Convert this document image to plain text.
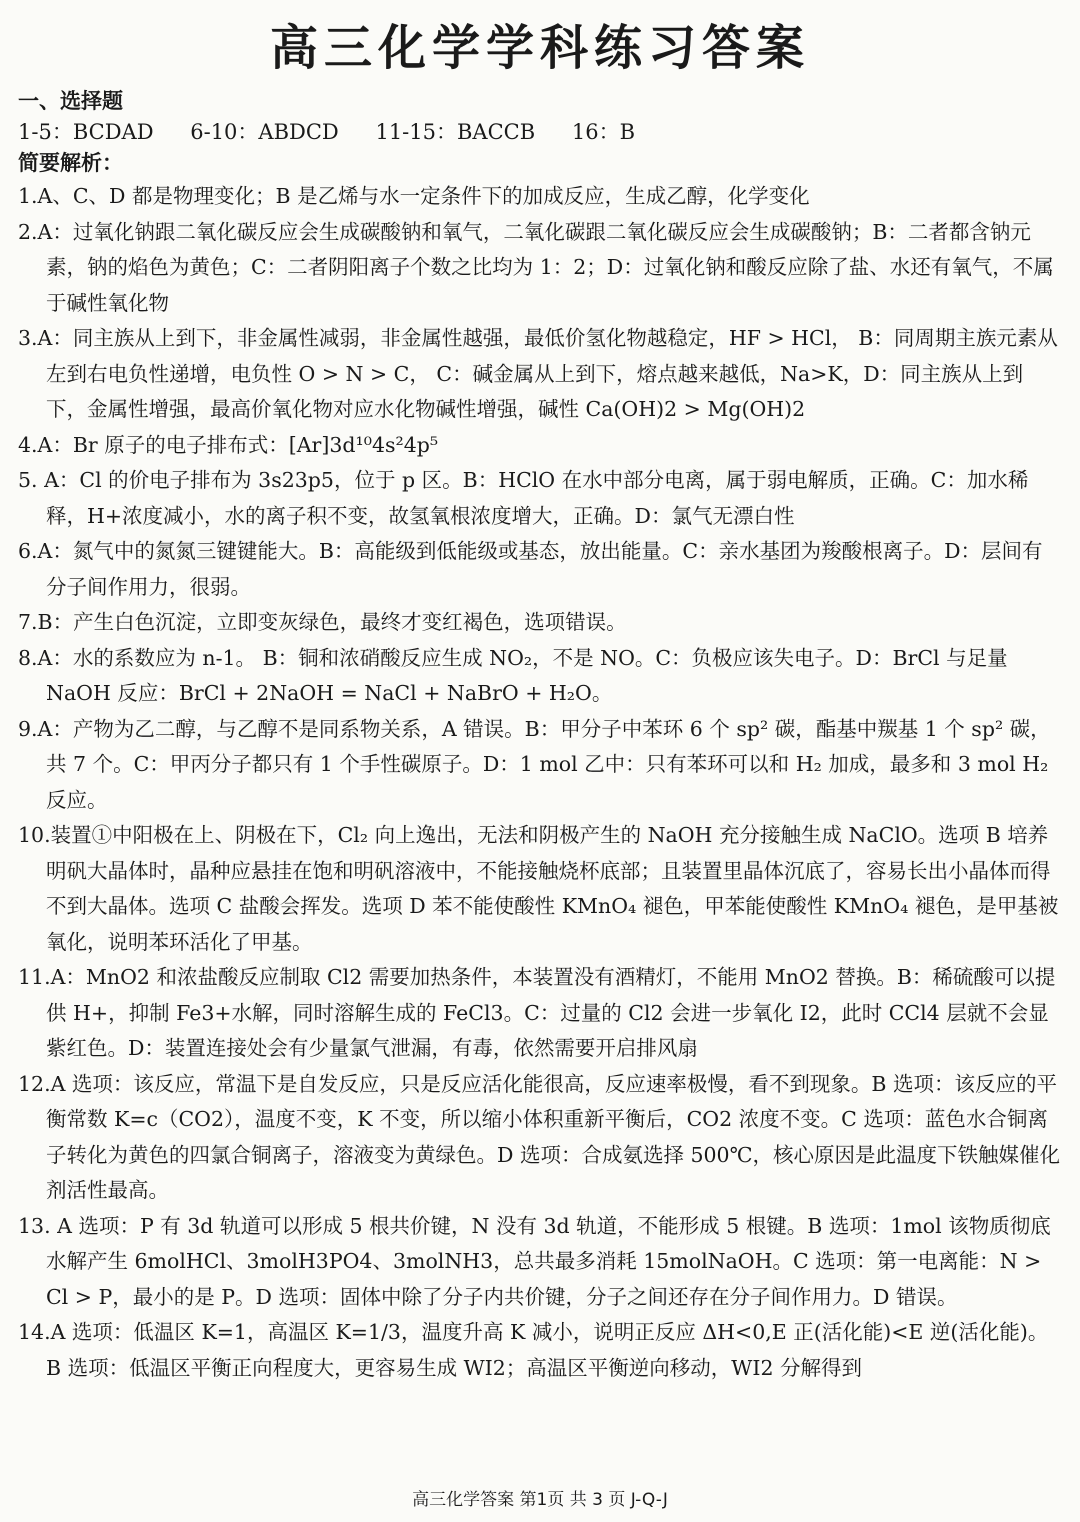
高三化学学科练习答案
一、选择题
1-5：BCDAD 6-10：ABDCD 11-15：BACCB 16：B
简要解析：
1.A、C、D 都是物理变化；B 是乙烯与水一定条件下的加成反应，生成乙醇，化学变化
2.A：过氧化钠跟二氧化碳反应会生成碳酸钠和氧气，二氧化碳跟二氧化碳反应会生成碳酸钠；B：二者都含钠元素，钠的焰色为黄色；C：二者阴阳离子个数之比均为 1：2；D：过氧化钠和酸反应除了盐、水还有氧气，不属于碱性氧化物
3.A：同主族从上到下，非金属性减弱，非金属性越强，最低价氢化物越稳定，HF > HCl， B：同周期主族元素从左到右电负性递增，电负性 O > N > C， C：碱金属从上到下，熔点越来越低，Na>K，D：同主族从上到下，金属性增强，最高价氧化物对应水化物碱性增强，碱性 Ca(OH)2 > Mg(OH)2
4.A：Br 原子的电子排布式：[Ar]3d¹⁰4s²4p⁵
5. A：Cl 的价电子排布为 3s23p5，位于 p 区。B：HClO 在水中部分电离，属于弱电解质，正确。C：加水稀释，H+浓度减小，水的离子积不变，故氢氧根浓度增大，正确。D：氯气无漂白性
6.A：氮气中的氮氮三键键能大。B：高能级到低能级或基态，放出能量。C：亲水基团为羧酸根离子。D：层间有分子间作用力，很弱。
7.B：产生白色沉淀，立即变灰绿色，最终才变红褐色，选项错误。
8.A：水的系数应为 n-1。 B：铜和浓硝酸反应生成 NO₂，不是 NO。C：负极应该失电子。D：BrCl 与足量 NaOH 反应：BrCl + 2NaOH = NaCl + NaBrO + H₂O。
9.A：产物为乙二醇，与乙醇不是同系物关系，A 错误。B：甲分子中苯环 6 个 sp² 碳，酯基中羰基 1 个 sp² 碳，共 7 个。C：甲丙分子都只有 1 个手性碳原子。D：1 mol 乙中：只有苯环可以和 H₂ 加成，最多和 3 mol H₂ 反应。
10.装置①中阳极在上、阴极在下，Cl₂ 向上逸出，无法和阴极产生的 NaOH 充分接触生成 NaClO。选项 B 培养明矾大晶体时，晶种应悬挂在饱和明矾溶液中，不能接触烧杯底部；且装置里晶体沉底了，容易长出小晶体而得不到大晶体。选项 C 盐酸会挥发。选项 D 苯不能使酸性 KMnO₄ 褪色，甲苯能使酸性 KMnO₄ 褪色，是甲基被氧化，说明苯环活化了甲基。
11.A：MnO2 和浓盐酸反应制取 Cl2 需要加热条件，本装置没有酒精灯，不能用 MnO2 替换。B：稀硫酸可以提供 H+，抑制 Fe3+水解，同时溶解生成的 FeCl3。C：过量的 Cl2 会进一步氧化 I2，此时 CCl4 层就不会显紫红色。D：装置连接处会有少量氯气泄漏，有毒，依然需要开启排风扇
12.A 选项：该反应，常温下是自发反应，只是反应活化能很高，反应速率极慢，看不到现象。B 选项：该反应的平衡常数 K=c（CO2），温度不变，K 不变，所以缩小体积重新平衡后，CO2 浓度不变。C 选项：蓝色水合铜离子转化为黄色的四氯合铜离子，溶液变为黄绿色。D 选项：合成氨选择 500℃，核心原因是此温度下铁触媒催化剂活性最高。
13. A 选项：P 有 3d 轨道可以形成 5 根共价键，N 没有 3d 轨道，不能形成 5 根键。B 选项：1mol 该物质彻底水解产生 6molHCl、3molH3PO4、3molNH3，总共最多消耗 15molNaOH。C 选项：第一电离能：N > Cl > P，最小的是 P。D 选项：固体中除了分子内共价键，分子之间还存在分子间作用力。D 错误。
14.A 选项：低温区 K=1，高温区 K=1/3，温度升高 K 减小，说明正反应 ΔH<0,E 正(活化能)<E 逆(活化能)。B 选项：低温区平衡正向程度大，更容易生成 WI2；高温区平衡逆向移动，WI2 分解得到
高三化学答案 第1页 共 3 页 J-Q-J
